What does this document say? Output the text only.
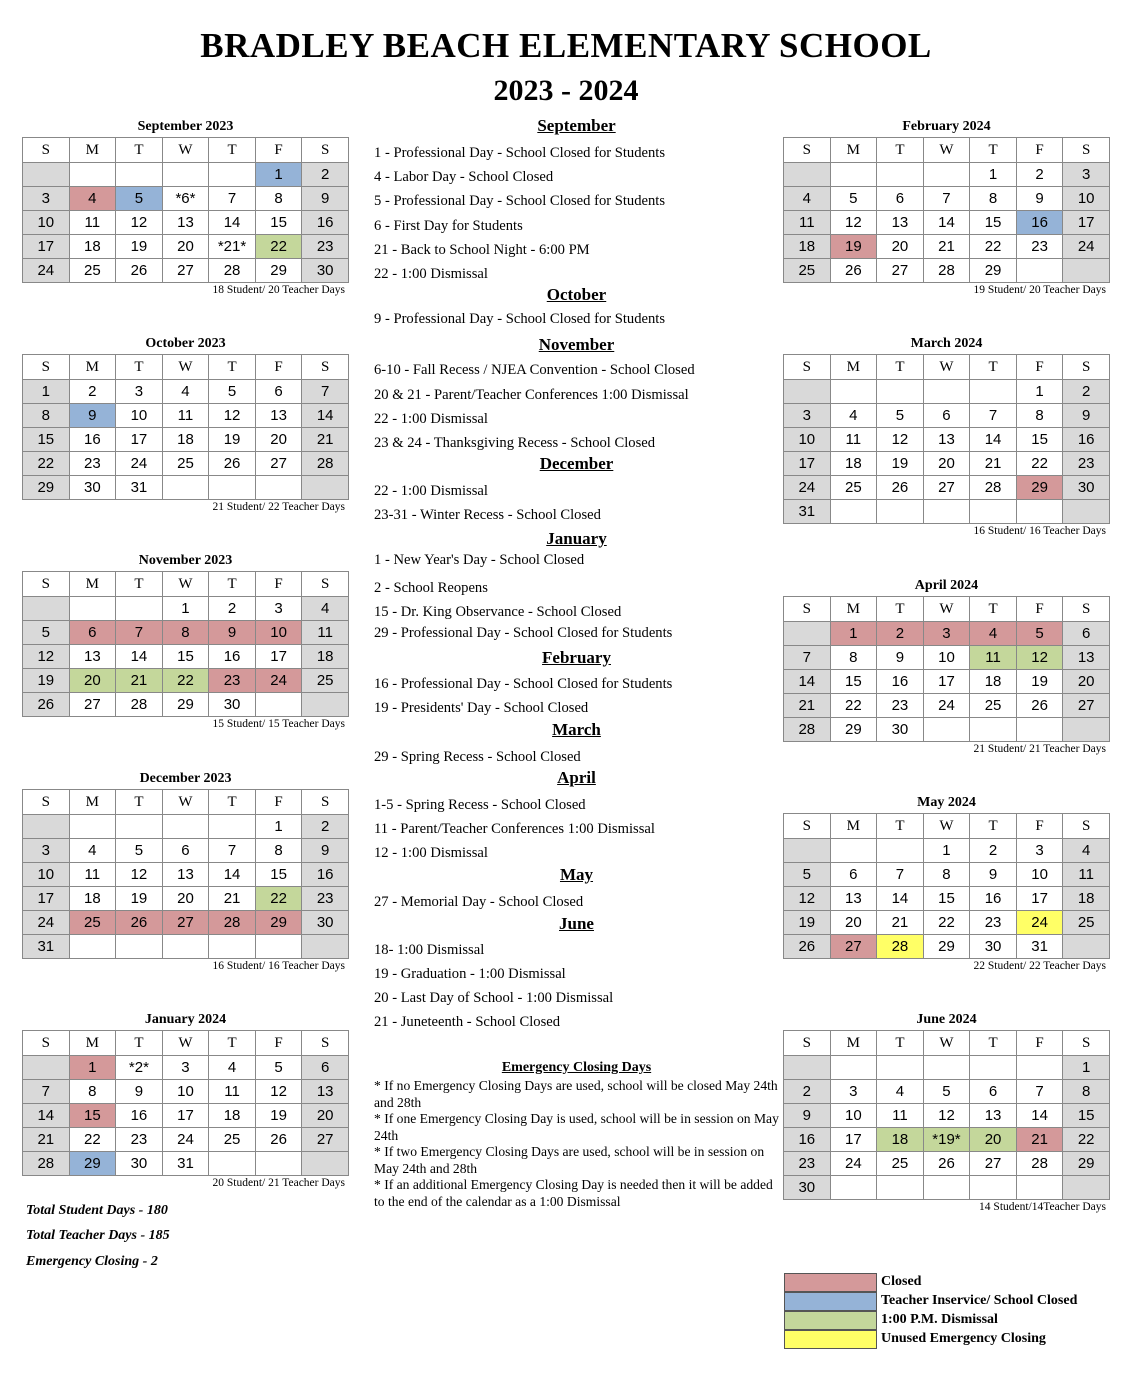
BRADLEY BEACH ELEMENTARY SCHOOL
2023 - 2024
September 2023
S	M	T	W	T	F	S
					1	2
3	4	5	*6*	7	8	9
10	11	12	13	14	15	16
17	18	19	20	*21*	22	23
24	25	26	27	28	29	30
18 Student/ 20 Teacher Days
October 2023
S	M	T	W	T	F	S
1	2	3	4	5	6	7
8	9	10	11	12	13	14
15	16	17	18	19	20	21
22	23	24	25	26	27	28
29	30	31				
21 Student/ 22 Teacher Days
November 2023
S	M	T	W	T	F	S
			1	2	3	4
5	6	7	8	9	10	11
12	13	14	15	16	17	18
19	20	21	22	23	24	25
26	27	28	29	30		
15 Student/ 15 Teacher Days
December 2023
S	M	T	W	T	F	S
					1	2
3	4	5	6	7	8	9
10	11	12	13	14	15	16
17	18	19	20	21	22	23
24	25	26	27	28	29	30
31						
16 Student/ 16 Teacher Days
January 2024
S	M	T	W	T	F	S
	1	*2*	3	4	5	6
7	8	9	10	11	12	13
14	15	16	17	18	19	20
21	22	23	24	25	26	27
28	29	30	31			
20 Student/ 21 Teacher Days
February 2024
S	M	T	W	T	F	S
				1	2	3
4	5	6	7	8	9	10
11	12	13	14	15	16	17
18	19	20	21	22	23	24
25	26	27	28	29		
19 Student/ 20 Teacher Days
March 2024
S	M	T	W	T	F	S
					1	2
3	4	5	6	7	8	9
10	11	12	13	14	15	16
17	18	19	20	21	22	23
24	25	26	27	28	29	30
31						
16 Student/ 16 Teacher Days
April 2024
S	M	T	W	T	F	S
	1	2	3	4	5	6
7	8	9	10	11	12	13
14	15	16	17	18	19	20
21	22	23	24	25	26	27
28	29	30				
21 Student/ 21 Teacher Days
May 2024
S	M	T	W	T	F	S
			1	2	3	4
5	6	7	8	9	10	11
12	13	14	15	16	17	18
19	20	21	22	23	24	25
26	27	28	29	30	31	
22 Student/ 22 Teacher Days
June 2024
S	M	T	W	T	F	S
						1
2	3	4	5	6	7	8
9	10	11	12	13	14	15
16	17	18	*19*	20	21	22
23	24	25	26	27	28	29
30						
14 Student/14Teacher Days
September
1 - Professional Day - School Closed for Students
4 - Labor Day - School Closed
5 - Professional Day - School Closed for Students
6 - First Day for Students
21 - Back to School Night - 6:00 PM
22 - 1:00 Dismissal
October
9 - Professional Day - School Closed for Students
November
6-10 - Fall Recess / NJEA Convention - School Closed
20 & 21 - Parent/Teacher Conferences 1:00 Dismissal
22 - 1:00 Dismissal
23 & 24 - Thanksgiving Recess - School Closed
December
22 - 1:00 Dismissal
23-31 - Winter Recess - School Closed
January
1 - New Year's Day - School Closed
2 - School Reopens
15 - Dr. King Observance - School Closed
29 - Professional Day - School Closed for Students
February
16 - Professional Day - School Closed for Students
19 - Presidents' Day - School Closed
March
29 - Spring Recess - School Closed
April
1-5 - Spring Recess - School Closed
11 - Parent/Teacher Conferences 1:00 Dismissal
12 - 1:00 Dismissal
May
27 - Memorial Day - School Closed
June
18- 1:00 Dismissal
19 - Graduation - 1:00 Dismissal
20 - Last Day of School - 1:00 Dismissal
21 - Juneteenth - School Closed
Emergency Closing Days
* If no Emergency Closing Days are used, school will be closed May 24th and 28th
* If one Emergency Closing Day is used, school will be in session on May 24th
* If two Emergency Closing Days are used, school will be in session on May 24th and 28th
* If an additional Emergency Closing Day is needed then it will be added to the end of the calendar as a 1:00 Dismissal
Total Student Days - 180
Total Teacher Days - 185
Emergency Closing - 2
Closed
Teacher Inservice/ School Closed
1:00 P.M. Dismissal
Unused Emergency Closing
